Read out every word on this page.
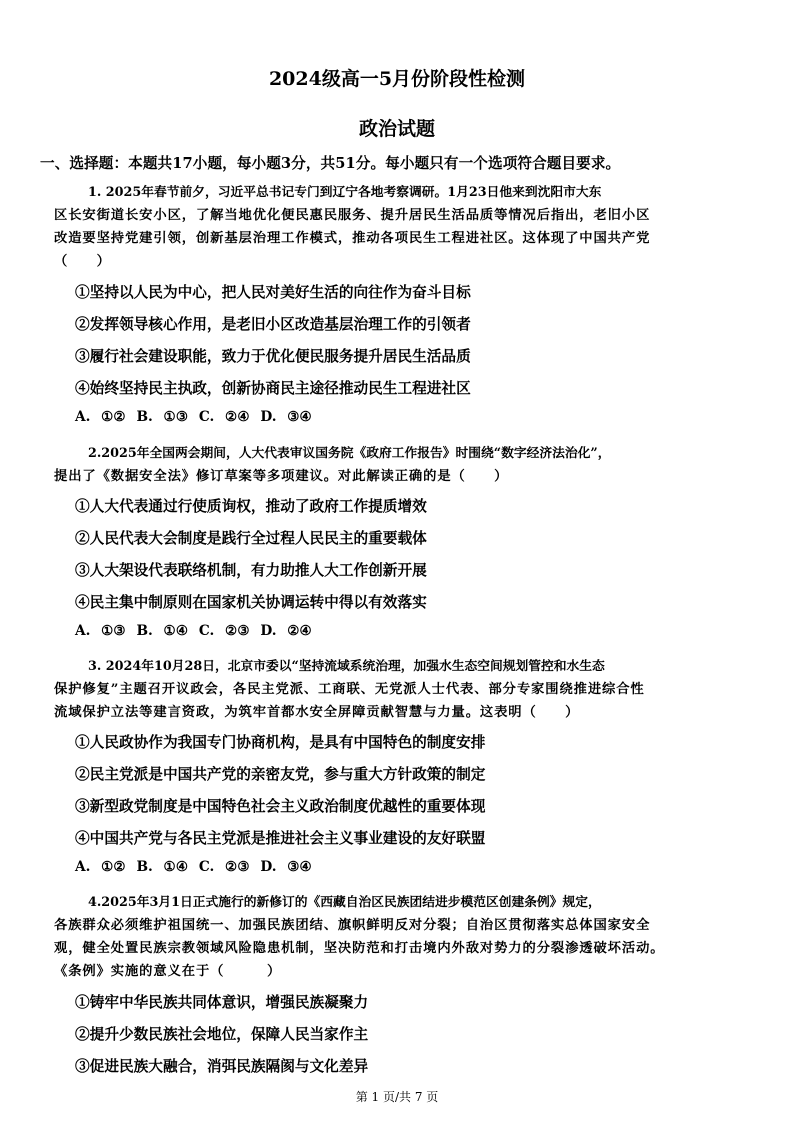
2024级高一5月份阶段性检测
政治试题
一、选择题：本题共17小题，每小题3分，共51分。每小题只有一个选项符合题目要求。
1. 2025年春节前夕，习近平总书记专门到辽宁各地考察调研。1月23日他来到沈阳市大东
区长安街道长安小区，了解当地优化便民惠民服务、提升居民生活品质等情况后指出，老旧小区
改造要坚持党建引领，创新基层治理工作模式，推动各项民生工程进社区。这体现了中国共产党
（　　）
①坚持以人民为中心，把人民对美好生活的向往作为奋斗目标
②发挥领导核心作用，是老旧小区改造基层治理工作的引领者
③履行社会建设职能，致力于优化便民服务提升居民生活品质
④始终坚持民主执政，创新协商民主途径推动民生工程进社区
A. ①② B. ①③ C. ②④ D. ③④
2.2025年全国两会期间，人大代表审议国务院《政府工作报告》时围绕“数字经济法治化”，
提出了《数据安全法》修订草案等多项建议。对此解读正确的是（　　）
①人大代表通过行使质询权，推动了政府工作提质增效
②人民代表大会制度是践行全过程人民民主的重要载体
③人大架设代表联络机制，有力助推人大工作创新开展
④民主集中制原则在国家机关协调运转中得以有效落实
A. ①③ B. ①④ C. ②③ D. ②④
3. 2024年10月28日，北京市委以“坚持流域系统治理，加强水生态空间规划管控和水生态
保护修复”主题召开议政会，各民主党派、工商联、无党派人士代表、部分专家围绕推进综合性
流域保护立法等建言资政，为筑牢首都水安全屏障贡献智慧与力量。这表明（　　）
①人民政协作为我国专门协商机构，是具有中国特色的制度安排
②民主党派是中国共产党的亲密友党，参与重大方针政策的制定
③新型政党制度是中国特色社会主义政治制度优越性的重要体现
④中国共产党与各民主党派是推进社会主义事业建设的友好联盟
A. ①② B. ①④ C. ②③ D. ③④
4.2025年3月1日正式施行的新修订的《西藏自治区民族团结进步模范区创建条例》规定，
各族群众必须维护祖国统一、加强民族团结、旗帜鲜明反对分裂；自治区贯彻落实总体国家安全
观，健全处置民族宗教领域风险隐患机制，坚决防范和打击境内外敌对势力的分裂渗透破坏活动。
《条例》实施的意义在于（　　　）
①铸牢中华民族共同体意识，增强民族凝聚力
②提升少数民族社会地位，保障人民当家作主
③促进民族大融合，消弭民族隔阂与文化差异
第 1 页/共 7 页
